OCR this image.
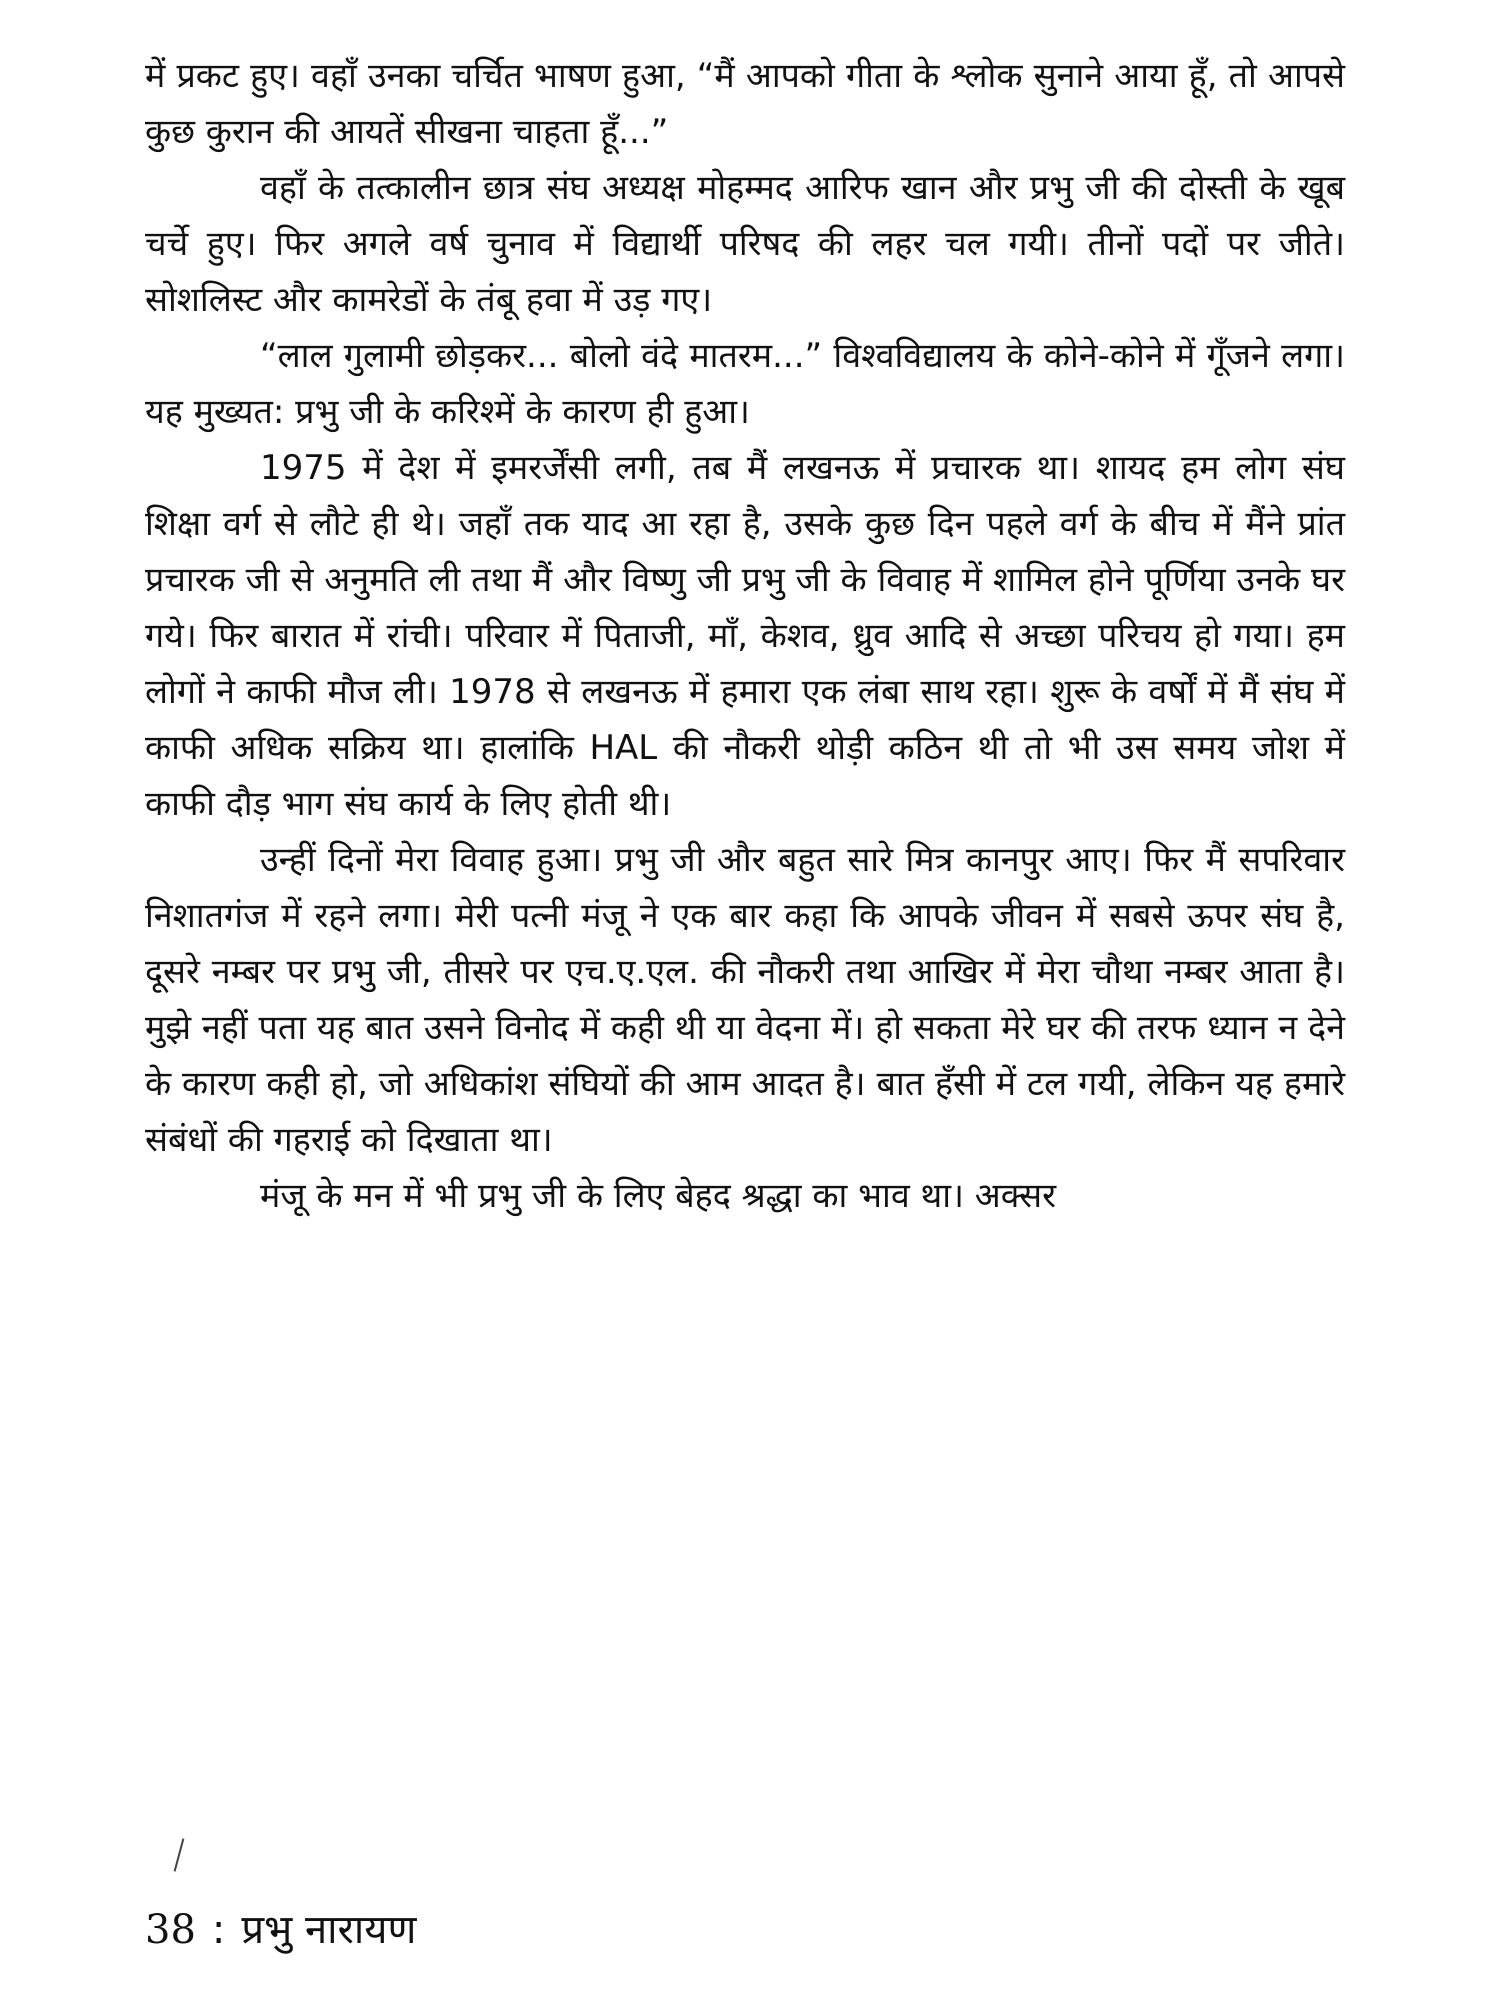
में प्रकट हुए। वहाँ उनका चर्चित भाषण हुआ, “मैं आपको गीता के श्लोक सुनाने आया हूँ, तो आपसे कुछ कुरान की आयतें सीखना चाहता हूँ...”

वहाँ के तत्कालीन छात्र संघ अध्यक्ष मोहम्मद आरिफ खान और प्रभु जी की दोस्ती के खूब चर्चे हुए। फिर अगले वर्ष चुनाव में विद्यार्थी परिषद की लहर चल गयी। तीनों पदों पर जीते। सोशलिस्ट और कामरेडों के तंबू हवा में उड़ गए।

“लाल गुलामी छोड़कर... बोलो वंदे मातरम...” विश्वविद्यालय के कोने-कोने में गूँजने लगा। यह मुख्यत: प्रभु जी के करिश्में के कारण ही हुआ।

1975 में देश में इमरर्जेंसी लगी, तब मैं लखनऊ में प्रचारक था। शायद हम लोग संघ शिक्षा वर्ग से लौटे ही थे। जहाँ तक याद आ रहा है, उसके कुछ दिन पहले वर्ग के बीच में मैंने प्रांत प्रचारक जी से अनुमति ली तथा मैं और विष्णु जी प्रभु जी के विवाह में शामिल होने पूर्णिया उनके घर गये। फिर बारात में रांची। परिवार में पिताजी, माँ, केशव, ध्रुव आदि से अच्छा परिचय हो गया। हम लोगों ने काफी मौज ली। 1978 से लखनऊ में हमारा एक लंबा साथ रहा। शुरू के वर्षों में मैं संघ में काफी अधिक सक्रिय था। हालांकि HAL की नौकरी थोड़ी कठिन थी तो भी उस समय जोश में काफी दौड़ भाग संघ कार्य के लिए होती थी।

उन्हीं दिनों मेरा विवाह हुआ। प्रभु जी और बहुत सारे मित्र कानपुर आए। फिर मैं सपरिवार निशातगंज में रहने लगा। मेरी पत्नी मंजू ने एक बार कहा कि आपके जीवन में सबसे ऊपर संघ है, दूसरे नम्बर पर प्रभु जी, तीसरे पर एच.ए.एल. की नौकरी तथा आखिर में मेरा चौथा नम्बर आता है। मुझे नहीं पता यह बात उसने विनोद में कही थी या वेदना में। हो सकता मेरे घर की तरफ ध्यान न देने के कारण कही हो, जो अधिकांश संघियों की आम आदत है। बात हँसी में टल गयी, लेकिन यह हमारे संबंधों की गहराई को दिखाता था।

मंजू के मन में भी प्रभु जी के लिए बेहद श्रद्धा का भाव था। अक्सर

38 : प्रभु नारायण
